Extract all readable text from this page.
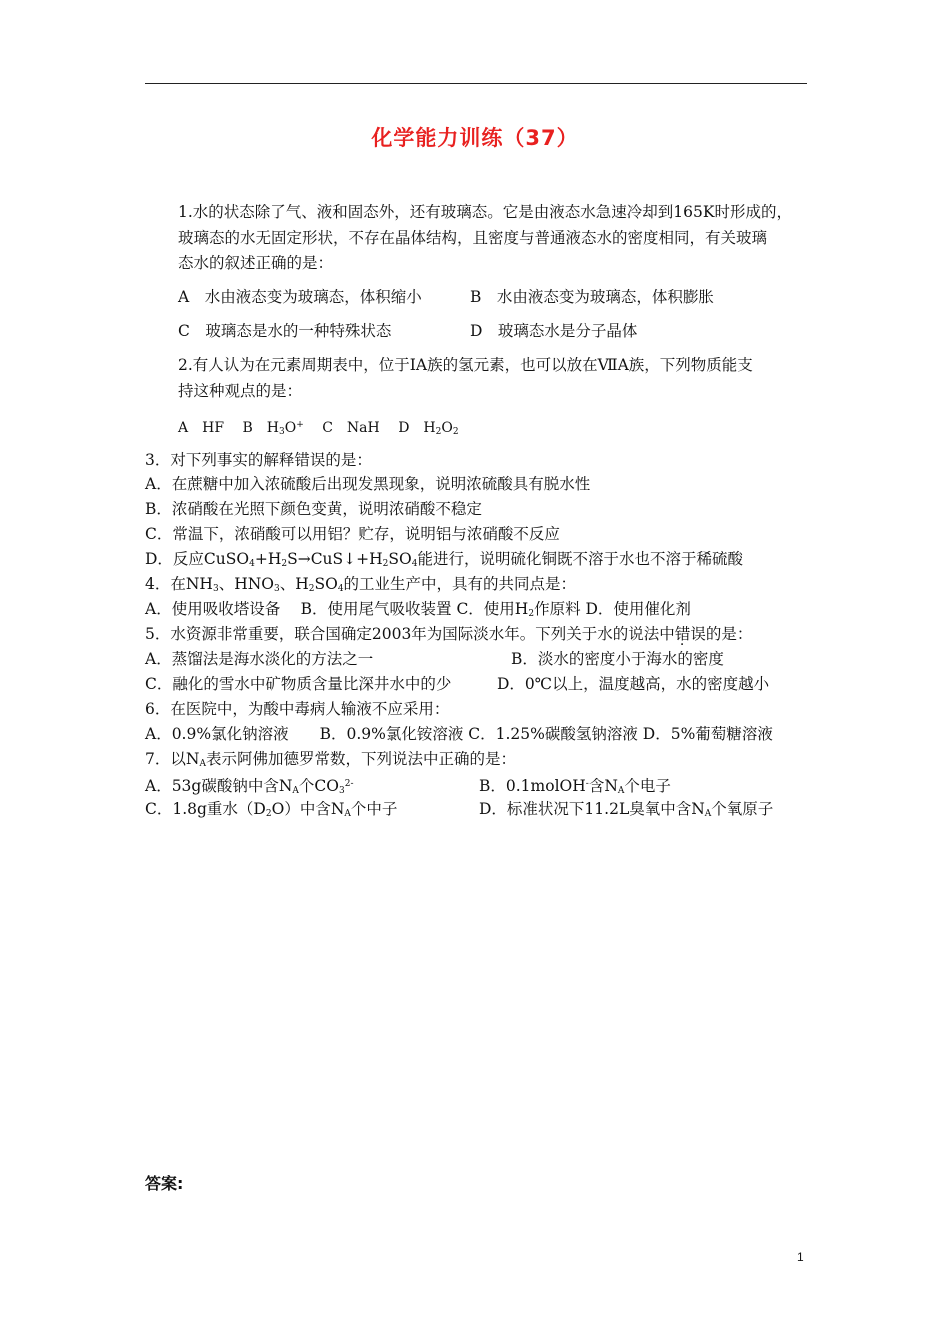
化学能力训练（37）
1.水的状态除了气、液和固态外，还有玻璃态。它是由液态水急速冷却到165K时形成的，
玻璃态的水无固定形状，不存在晶体结构，且密度与普通液态水的密度相同，有关玻璃
态水的叙述正确的是：
A　水由液态变为玻璃态，体积缩小	B　水由液态变为玻璃态，体积膨胀
C　玻璃态是水的一种特殊状态	D　玻璃态水是分子晶体
2.有人认为在元素周期表中，位于ⅠA族的氢元素，也可以放在ⅦA族，下列物质能支
持这种观点的是：
A　HF  B　$H_3O^+$  C　NaH  D　$H_2O_2$
3．对下列事实的解释错误的是：
A．在蔗糖中加入浓硫酸后出现发黑现象，说明浓硫酸具有脱水性
B．浓硝酸在光照下颜色变黄，说明浓硝酸不稳定
C．常温下，浓硝酸可以用铝？贮存，说明铝与浓硝酸不反应
D．反应$CuSO_4+H_2S\to CuS↓+H_2SO_4$能进行，说明硫化铜既不溶于水也不溶于稀硫酸
4．在$NH_3$、$HNO_3$、$H_2SO_4$的工业生产中，具有的共同点是：
A．使用吸收塔设备　 B．使用尾气吸收装置 C．使用$H_2$作原料 D．使用催化剂
5．水资源非常重要，联合国确定2003年为国际淡水年。下列关于水的说法中错误的是：
A．蒸馏法是海水淡化的方法之一	B．淡水的密度小于海水的密度
C．融化的雪水中矿物质含量比深井水中的少	D．0℃以上，温度越高，水的密度越小
6．在医院中，为酸中毒病人输液不应采用：
A．0.9%氯化钠溶液　　B．0.9%氯化铵溶液 C．1.25%碳酸氢钠溶液 D．5%葡萄糖溶液
7．以$N_A$表示阿佛加德罗常数，下列说法中正确的是：
A．53g碳酸钠中含$N_A$个$CO_3^{2-}$	B．0.1molOH-含$N_A$个电子
C．1.8g重水$(D_2O)$中含$N_A$个中子	D．标准状况下11.2L臭氧中含$N_A$个氧原子
答案:
1
